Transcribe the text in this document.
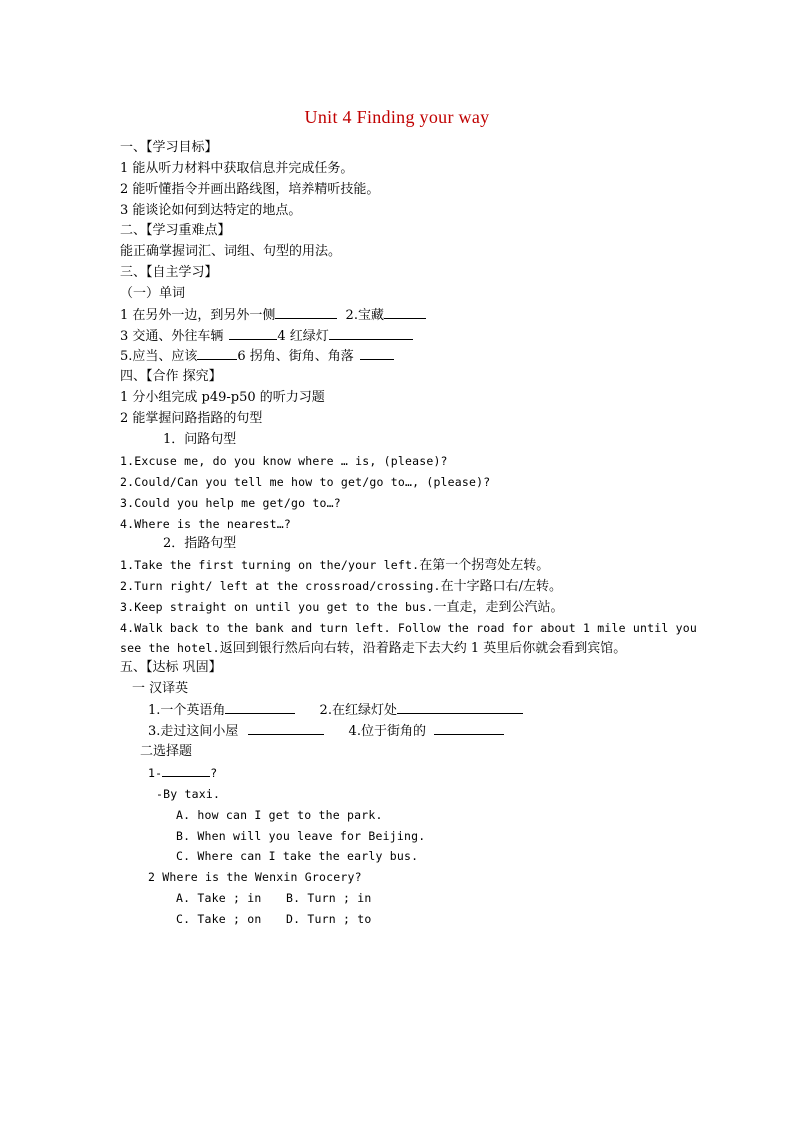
Unit 4 Finding your way
一、【学习目标】
1 能从听力材料中获取信息并完成任务。
2 能听懂指令并画出路线图，培养精听技能。
3 能谈论如何到达特定的地点。
二、【学习重难点】
能正确掌握词汇、词组、句型的用法。
三、【自主学习】
（一）单词
1 在另外一边，到另外一侧	2.宝藏
3 交通、外往车辆	4 红绿灯
5.应当、应该	6 拐角、街角、角落
四、【合作 探究】
1 分小组完成 p49-p50 的听力习题
2 能掌握问路指路的句型
1．问路句型
1.Excuse me, do you know where … is, (please)?
2.Could/Can you tell me how to get/go to…, (please)?
3.Could you help me get/go to…?
4.Where is the nearest…?
2．指路句型
1.Take the first turning on the/your left.在第一个拐弯处左转。
2.Turn right/ left at the crossroad/crossing.在十字路口右/左转。
3.Keep straight on until you get to the bus.一直走，走到公汽站。
4.Walk back to the bank and turn left. Follow the road for about 1 mile until you
see the hotel.返回到银行然后向右转，沿着路走下去大约 1 英里后你就会看到宾馆。
五、【达标 巩固】
一 汉译英
1.一个英语角	2.在红绿灯处
3.走过这间小屋	4.位于街角的
二选择题
1-	?
-By taxi.
A. how can I get to the park.
B. When will you leave for Beijing.
C. Where can I take the early bus.
2 Where is the Wenxin Grocery?
A. Take ; in B. Turn ; in
C. Take ; on D. Turn ; to
